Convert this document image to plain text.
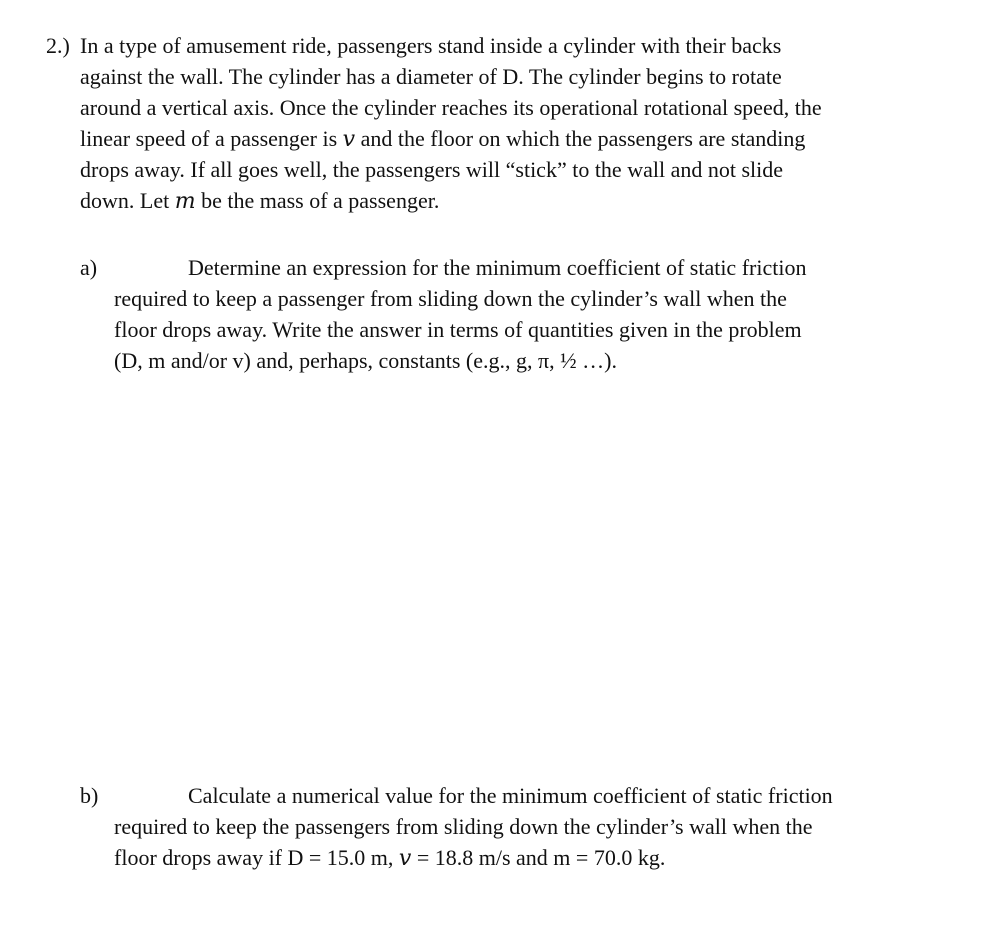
2.) In a type of amusement ride, passengers stand inside a cylinder with their backs
against the wall. The cylinder has a diameter of D. The cylinder begins to rotate
around a vertical axis. Once the cylinder reaches its operational rotational speed, the
linear speed of a passenger is 𝑣 and the floor on which the passengers are standing
drops away. If all goes well, the passengers will “stick” to the wall and not slide
down. Let 𝑚 be the mass of a passenger.
a)	Determine an expression for the minimum coefficient of static friction
required to keep a passenger from sliding down the cylinder’s wall when the
floor drops away. Write the answer in terms of quantities given in the problem
(D, m and/or v) and, perhaps, constants (e.g., g, π, ½ …).
b)	Calculate a numerical value for the minimum coefficient of static friction
required to keep the passengers from sliding down the cylinder’s wall when the
floor drops away if D = 15.0 m, 𝑣 = 18.8 m/s and m = 70.0 kg.
